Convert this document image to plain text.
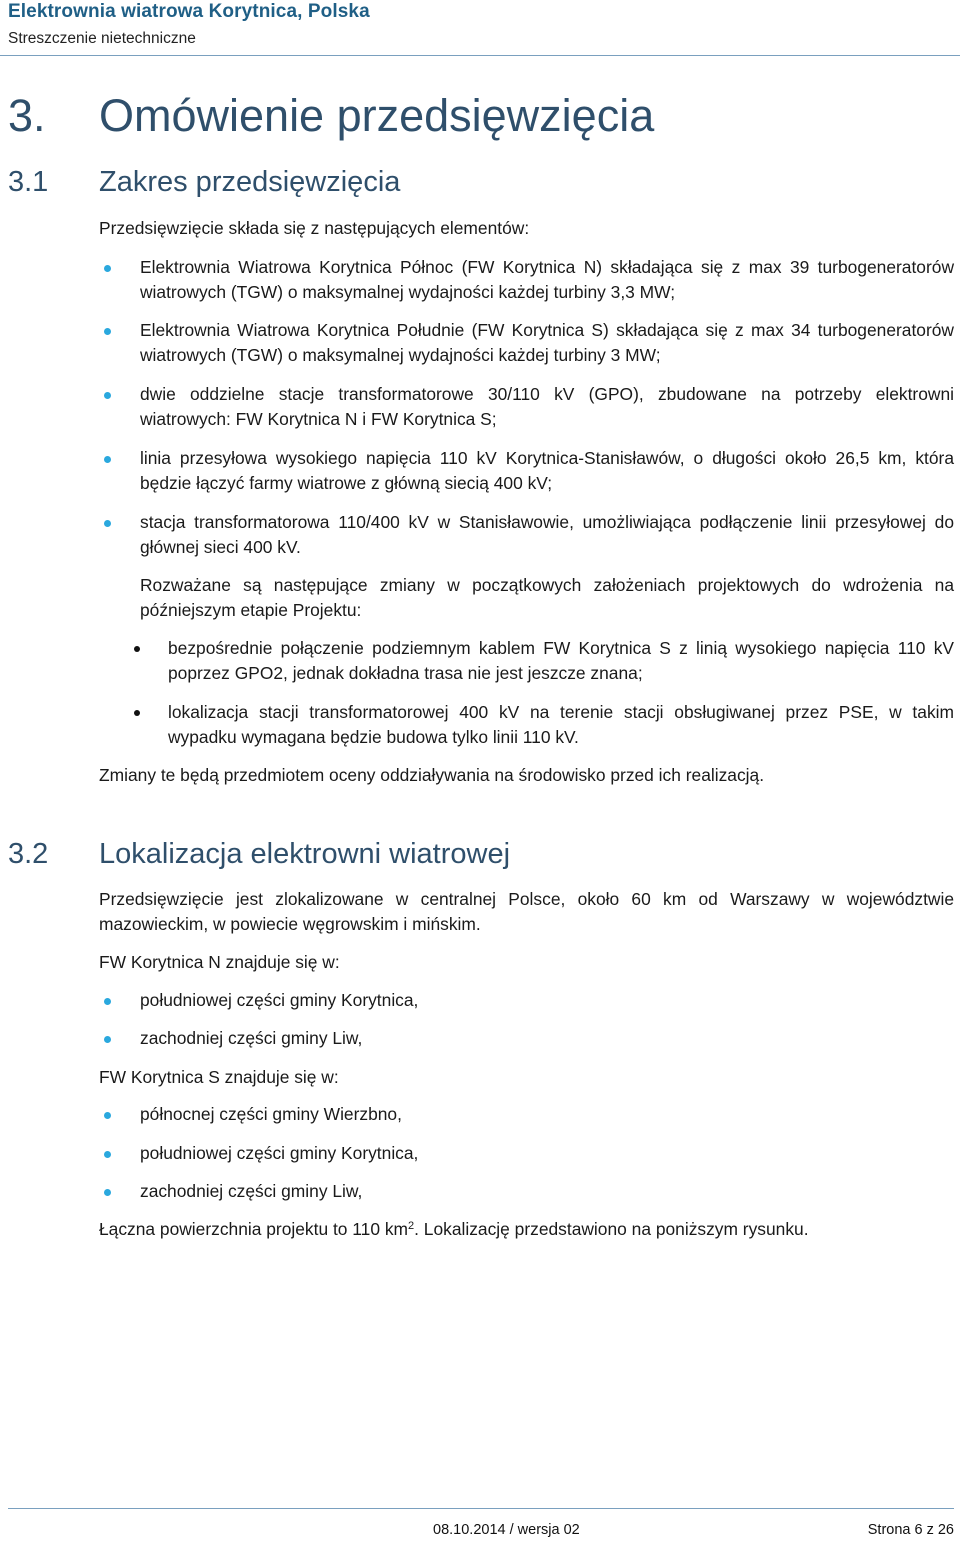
Elektrownia wiatrowa Korytnica, Polska
Streszczenie nietechniczne
3. Omówienie przedsięwzięcia
3.1 Zakres przedsięwzięcia
Przedsięwzięcie składa się z następujących elementów:
Elektrownia Wiatrowa Korytnica Północ (FW Korytnica N) składająca się z max 39 turbogeneratorów wiatrowych (TGW) o maksymalnej wydajności każdej turbiny 3,3 MW;
Elektrownia Wiatrowa Korytnica Południe (FW Korytnica S) składająca się z max 34 turbogeneratorów wiatrowych (TGW) o maksymalnej wydajności każdej turbiny 3 MW;
dwie oddzielne stacje transformatorowe 30/110 kV (GPO), zbudowane na potrzeby elektrowni wiatrowych: FW Korytnica N i FW Korytnica S;
linia przesyłowa wysokiego napięcia 110 kV Korytnica-Stanisławów, o długości około 26,5 km, która będzie łączyć farmy wiatrowe z główną siecią 400 kV;
stacja transformatorowa 110/400 kV w Stanisławowie, umożliwiająca podłączenie linii przesyłowej do głównej sieci 400 kV.
Rozważane są następujące zmiany w początkowych założeniach projektowych do wdrożenia na późniejszym etapie Projektu:
bezpośrednie połączenie podziemnym kablem FW Korytnica S z linią wysokiego napięcia 110 kV poprzez GPO2, jednak dokładna trasa nie jest jeszcze znana;
lokalizacja stacji transformatorowej 400 kV na terenie stacji obsługiwanej przez PSE, w takim wypadku wymagana będzie budowa tylko linii 110 kV.
Zmiany te będą przedmiotem oceny oddziaływania na środowisko przed ich realizacją.
3.2 Lokalizacja elektrowni wiatrowej
Przedsięwzięcie jest zlokalizowane w centralnej Polsce, około 60 km od Warszawy w województwie mazowieckim, w powiecie węgrowskim i mińskim.
FW Korytnica N znajduje się w:
południowej części gminy Korytnica,
zachodniej części gminy Liw,
FW Korytnica S znajduje się w:
północnej części gminy Wierzbno,
południowej części gminy Korytnica,
zachodniej części gminy Liw,
Łączna powierzchnia projektu to 110 $km^2$. Lokalizację przedstawiono na poniższym rysunku.
08.10.2014 / wersja 02	Strona 6 z 26
